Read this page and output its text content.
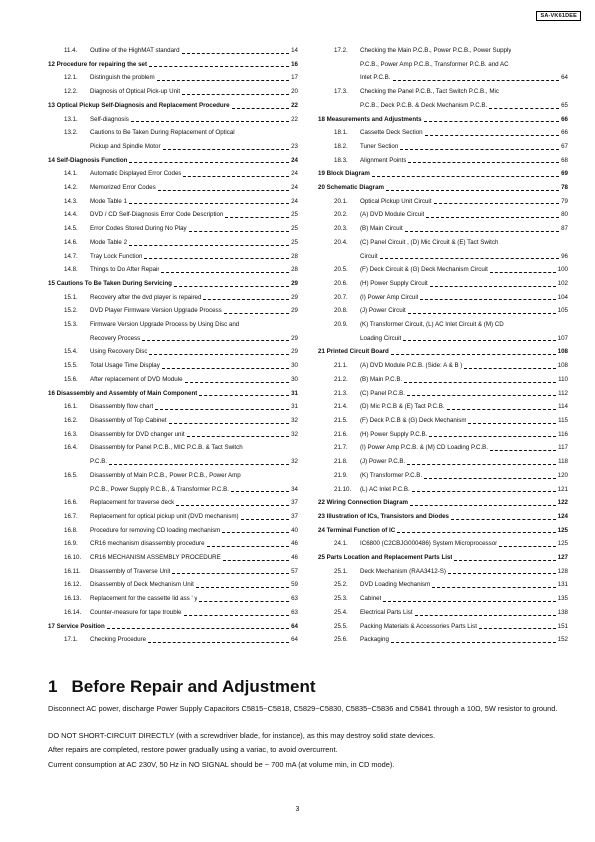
SA-VK61DEE
11.4.	Outline of the HighMAT standard	14
12 Procedure for repairing the set	16
12.1.	Distinguish the problem	17
12.2.	Diagnosis of Optical Pick-up Unit	20
13 Optical Pickup Self-Diagnosis and Replacement Procedure	22
13.1.	Self-diagnosis	22
13.2.	Cautions to Be Taken During Replacement of Optical
Pickup and Spindle Motor	23
14 Self-Diagnosis Function	24
14.1.	Automatic Displayed Error Codes	24
14.2.	Memorized Error Codes	24
14.3.	Mode Table 1	24
14.4.	DVD / CD Self-Diagnosis Error Code Description	25
14.5.	Error Codes Stored During No Play	25
14.6.	Mode Table 2	25
14.7.	Tray Lock Function	28
14.8.	Things to Do After Repair	28
15 Cautions To Be Taken During Servicing	29
15.1.	Recovery after the dvd player is repaired	29
15.2.	DVD Player Firmware Version Upgrade Process	29
15.3.	Firmware Version Upgrade Process by Using Disc and
Recovery Process	29
15.4.	Using Recovery Disc	29
15.5.	Total Usage Time Display	30
15.6.	After replacement of DVD Module	30
16 Disassembly and Assembly of Main Component	31
16.1.	Disassembly flow chart	31
16.2.	Disassembly of Top Cabinet	32
16.3.	Disassembly for DVD changer unit	32
16.4.	Disassembly for Panel P.C.B., MIC P.C.B. & Tact Switch
P.C.B.	32
16.5.	Disassembly of Main P.C.B., Power P.C.B., Power Amp
P.C.B., Power Supply P.C.B., & Transformer P.C.B.	34
16.6.	Replacement for traverse deck	37
16.7.	Replacement for optical pickup unit (DVD mechanism)	37
16.8.	Procedure for removing CD loading mechanism	40
16.9.	CR16 mechanism disassembly procedure	46
16.10.	CR16 MECHANISM ASSEMBLY PROCEDURE	46
16.11.	Disassembly of Traverse Unit	57
16.12.	Disassembly of Deck Mechanism Unit	59
16.13.	Replacement for the cassette lid ass ' y	63
16.14.	Counter-measure for tape trouble	63
17 Service Position	64
17.1.	Checking Procedure	64
17.2.	Checking the Main P.C.B., Power P.C.B., Power Supply
P.C.B., Power Amp P.C.B., Transformer P.C.B. and AC
Inlet P.C.B.	64
17.3.	Checking the Panel P.C.B., Tact Switch P.C.B., Mic
P.C.B., Deck P.C.B. & Deck Mechanism P.C.B.	65
18 Measurements and Adjustments	66
18.1.	Cassette Deck Section	66
18.2.	Tuner Section	67
18.3.	Alignment Points	68
19 Block Diagram	69
20 Schematic Diagram	78
20.1.	Optical Pickup Unit Circuit	79
20.2.	(A) DVD Module Circuit	80
20.3.	(B) Main Circuit	87
20.4.	(C) Panel Circuit , (D) Mic Circuit & (E) Tact Switch
Circuit	96
20.5.	(F) Deck Circuit & (G) Deck Mechanism Circuit	100
20.6.	(H) Power Supply Circuit	102
20.7.	(I) Power Amp Circuit	104
20.8.	(J) Power Circuit	105
20.9.	(K) Transformer Circuit, (L) AC Inlet Circuit & (M) CD
Loading Circuit	107
21 Printed Circuit Board	108
21.1.	(A) DVD Module P.C.B. (Side: A & B )	108
21.2.	(B) Main P.C.B.	110
21.3.	(C) Panel P.C.B.	112
21.4.	(D) Mic P.C.B & (E) Tact P.C.B.	114
21.5.	(F) Deck P.C.B & (G) Deck Mechanism	115
21.6.	(H) Power Supply P.C.B.	116
21.7.	(I) Power Amp P.C.B. & (M) CD Loading P.C.B.	117
21.8.	(J) Power P.C.B.	118
21.9.	(K) Transformer P.C.B.	120
21.10.	(L) AC Inlet P.C.B.	121
22 Wiring Connection Diagram	122
23 Illustration of ICs, Transistors and Diodes	124
24 Terminal Function of IC	125
24.1.	IC6800 (C2CBJG000486) System Microprocessor	125
25 Parts Location and Replacement Parts List	127
25.1.	Deck Mechanism (RAA3412-S)	128
25.2.	DVD Loading Mechanism	131
25.3.	Cabinet	135
25.4.	Electrical Parts List	138
25.5.	Packing Materials & Accessories Parts List	151
25.6.	Packaging	152
1 Before Repair and Adjustment
Disconnect AC power, discharge Power Supply Capacitors C5815~C5818, C5829~C5830, C5835~C5836 and C5841 through a 10Ω, 5W resistor to ground.
DO NOT SHORT-CIRCUIT DIRECTLY (with a screwdriver blade, for instance), as this may destroy solid state devices.
After repairs are completed, restore power gradually using a variac, to avoid overcurrent.
Current consumption at AC 230V, 50 Hz in NO SIGNAL should be ~ 700 mA (at volume min, in CD mode).
3
